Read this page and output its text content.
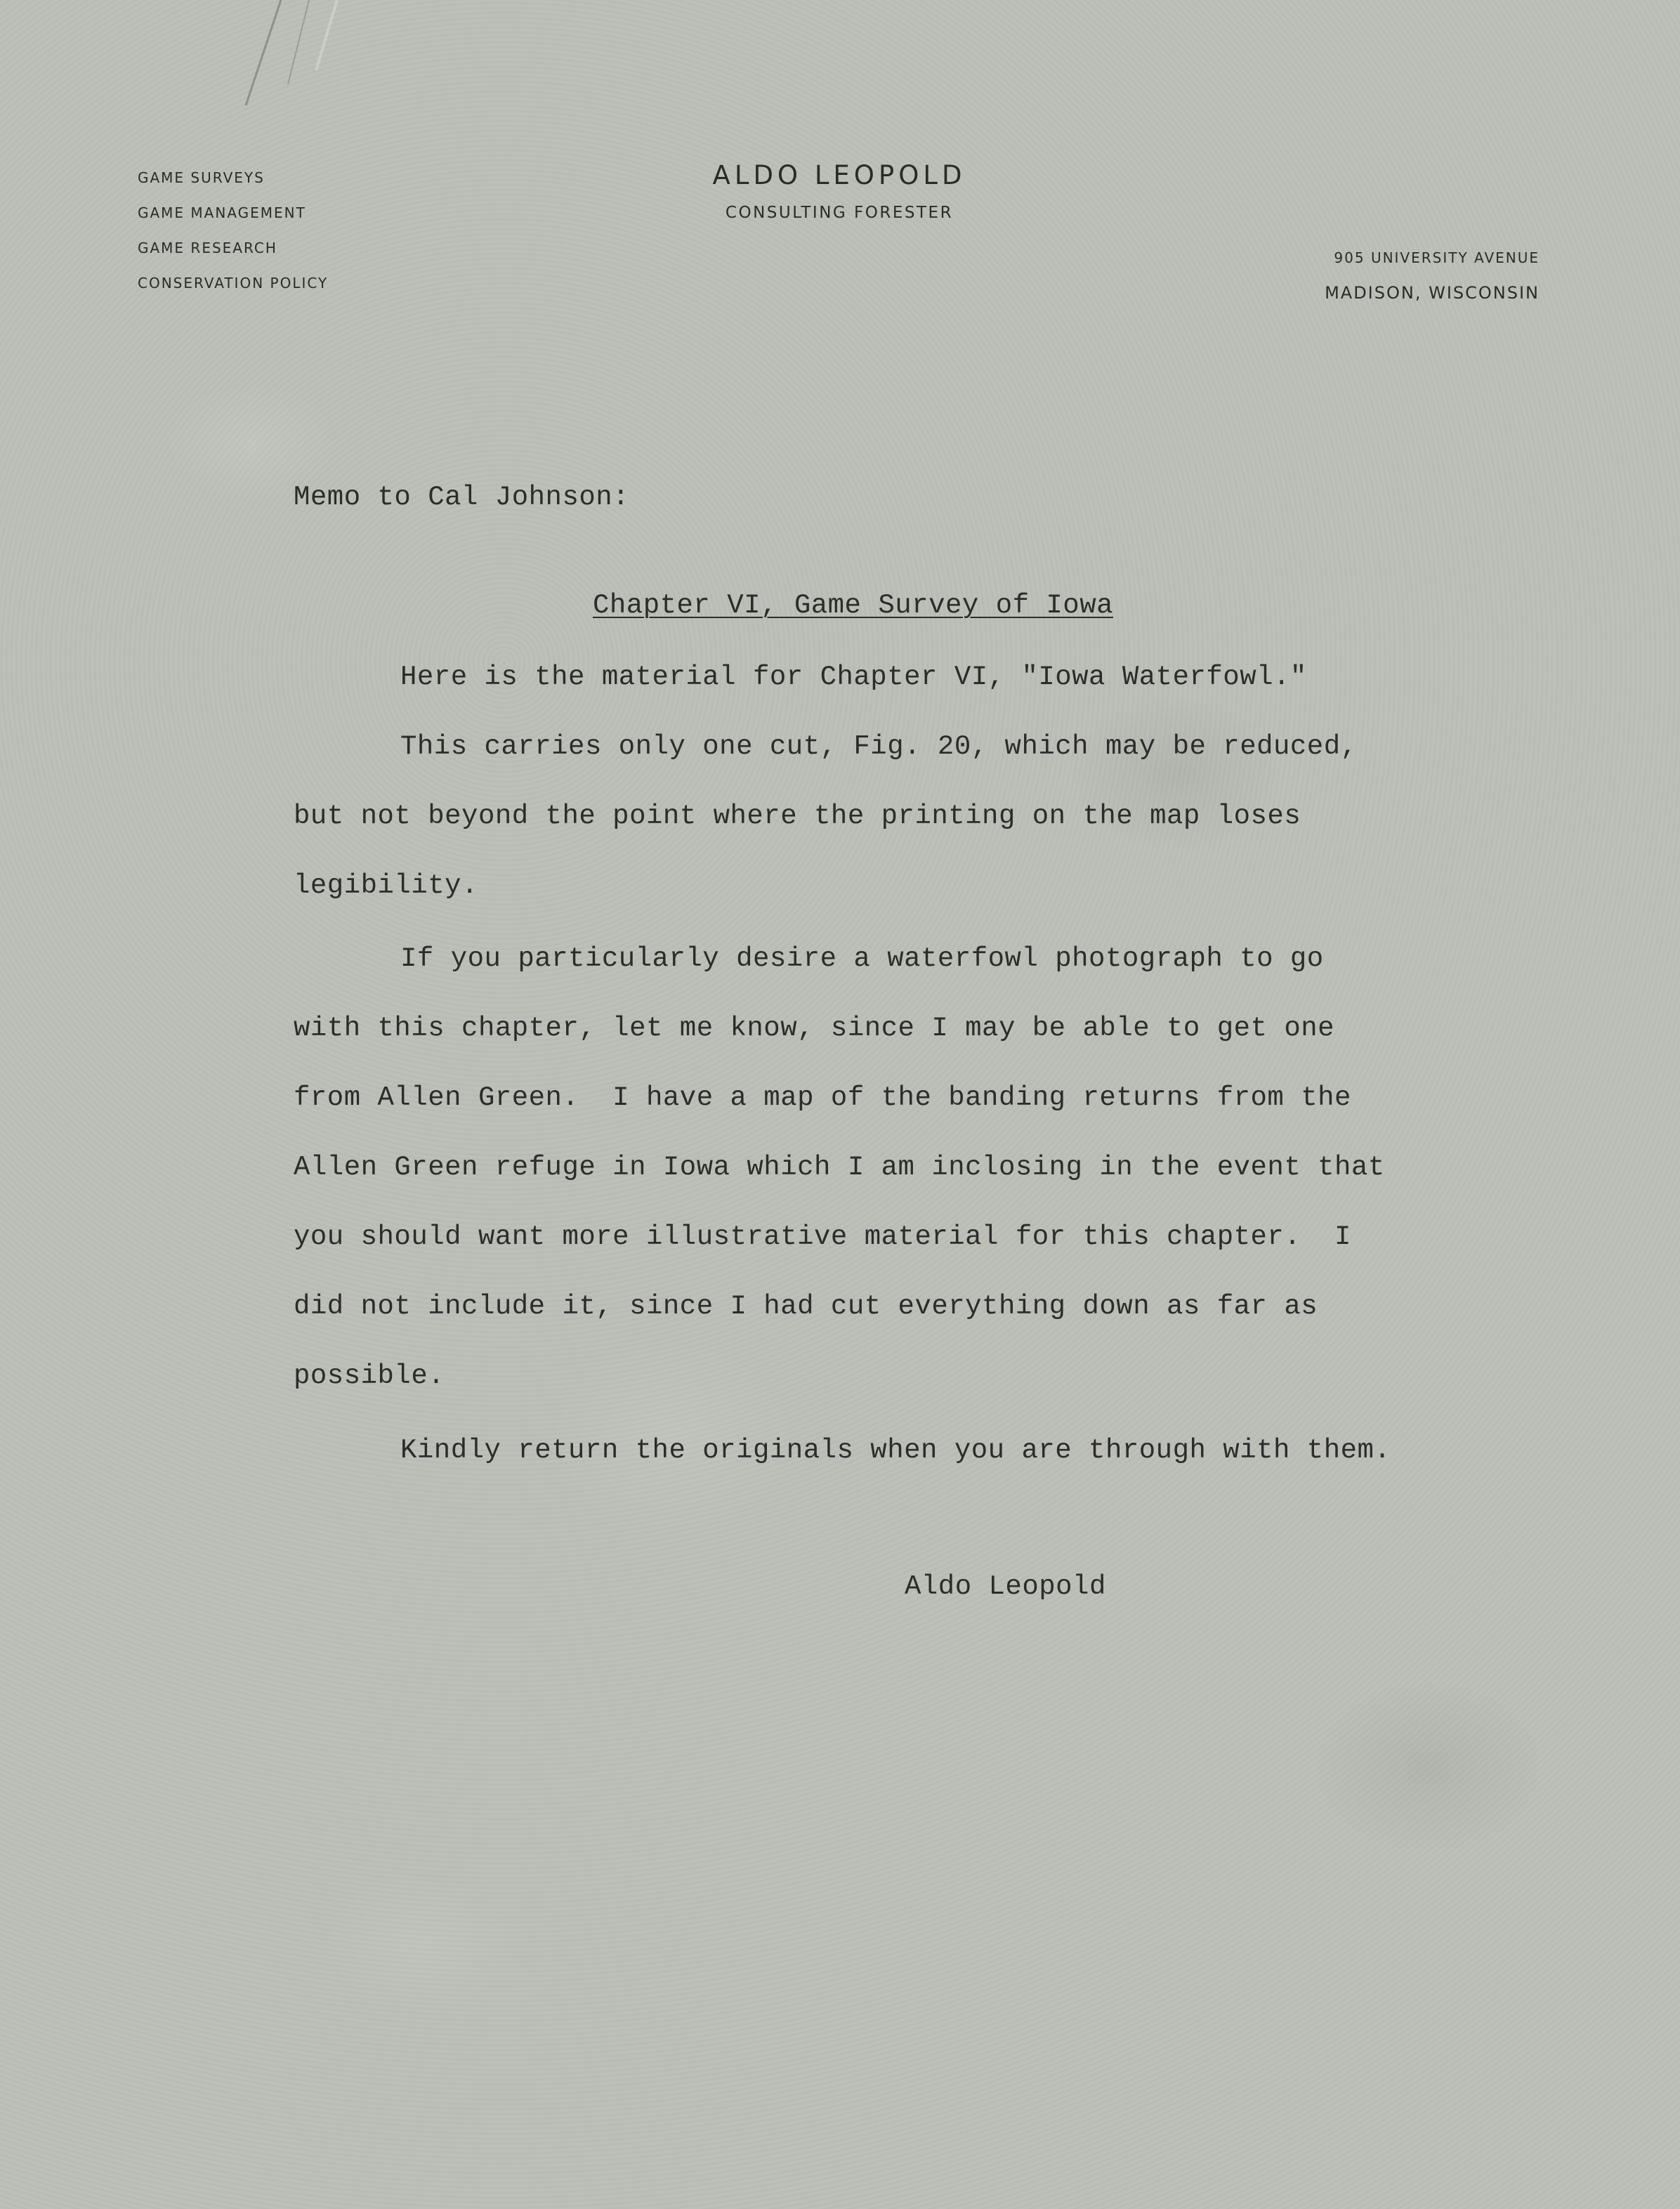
GAME SURVEYS
GAME MANAGEMENT
GAME RESEARCH
CONSERVATION POLICY
ALDO LEOPOLD
CONSULTING FORESTER
905 UNIVERSITY AVENUE
MADISON, WISCONSIN
Memo to Cal Johnson:
Chapter VI, Game Survey of Iowa
Here is the material for Chapter VI, "Iowa Waterfowl."
This carries only one cut, Fig. 20, which may be reduced,
but not beyond the point where the printing on the map loses
legibility.
If you particularly desire a waterfowl photograph to go
with this chapter, let me know, since I may be able to get one
from Allen Green.  I have a map of the banding returns from the
Allen Green refuge in Iowa which I am inclosing in the event that
you should want more illustrative material for this chapter.  I
did not include it, since I had cut everything down as far as
possible.
Kindly return the originals when you are through with them.
Aldo Leopold
